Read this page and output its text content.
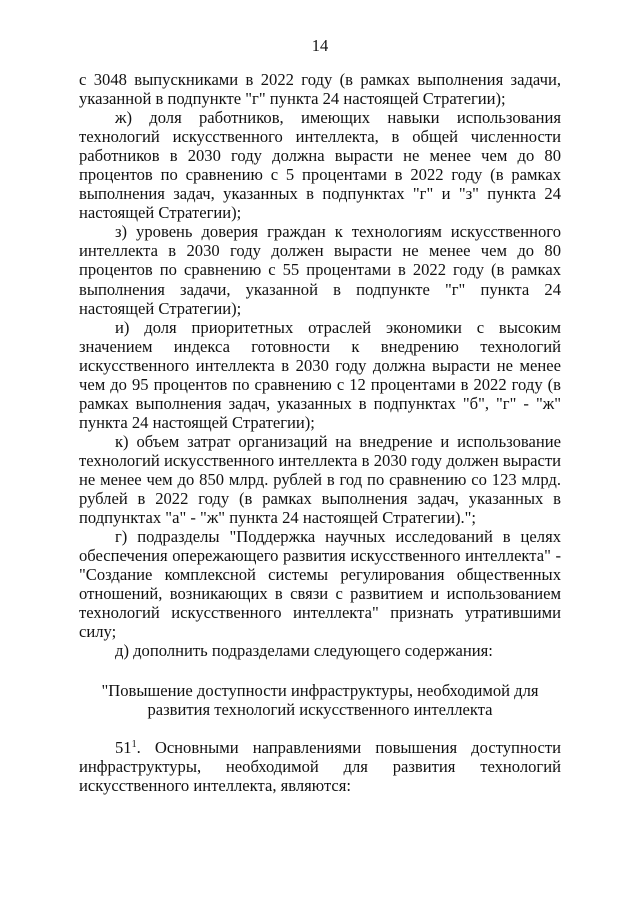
14

с 3048 выпускниками в 2022 году (в рамках выполнения задачи, указанной в подпункте "г" пункта 24 настоящей Стратегии);

ж) доля работников, имеющих навыки использования технологий искусственного интеллекта, в общей численности работников в 2030 году должна вырасти не менее чем до 80 процентов по сравнению с 5 процентами в 2022 году (в рамках выполнения задач, указанных в подпунктах "г" и "з" пункта 24 настоящей Стратегии);

з) уровень доверия граждан к технологиям искусственного интеллекта в 2030 году должен вырасти не менее чем до 80 процентов по сравнению с 55 процентами в 2022 году (в рамках выполнения задачи, указанной в подпункте "г" пункта 24 настоящей Стратегии);

и) доля приоритетных отраслей экономики с высоким значением индекса готовности к внедрению технологий искусственного интеллекта в 2030 году должна вырасти не менее чем до 95 процентов по сравнению с 12 процентами в 2022 году (в рамках выполнения задач, указанных в подпунктах "б", "г" - "ж" пункта 24 настоящей Стратегии);

к) объем затрат организаций на внедрение и использование технологий искусственного интеллекта в 2030 году должен вырасти не менее чем до 850 млрд. рублей в год по сравнению со 123 млрд. рублей в 2022 году (в рамках выполнения задач, указанных в подпунктах "а" - "ж" пункта 24 настоящей Стратегии).";

г) подразделы "Поддержка научных исследований в целях обеспечения опережающего развития искусственного интеллекта" - "Создание комплексной системы регулирования общественных отношений, возникающих в связи с развитием и использованием технологий искусственного интеллекта" признать утратившими силу;

д) дополнить подразделами следующего содержания:

"Повышение доступности инфраструктуры, необходимой для
развития технологий искусственного интеллекта
$51^1$. Основными направлениями повышения доступности инфраструктуры, необходимой для развития технологий искусственного интеллекта, являются:
